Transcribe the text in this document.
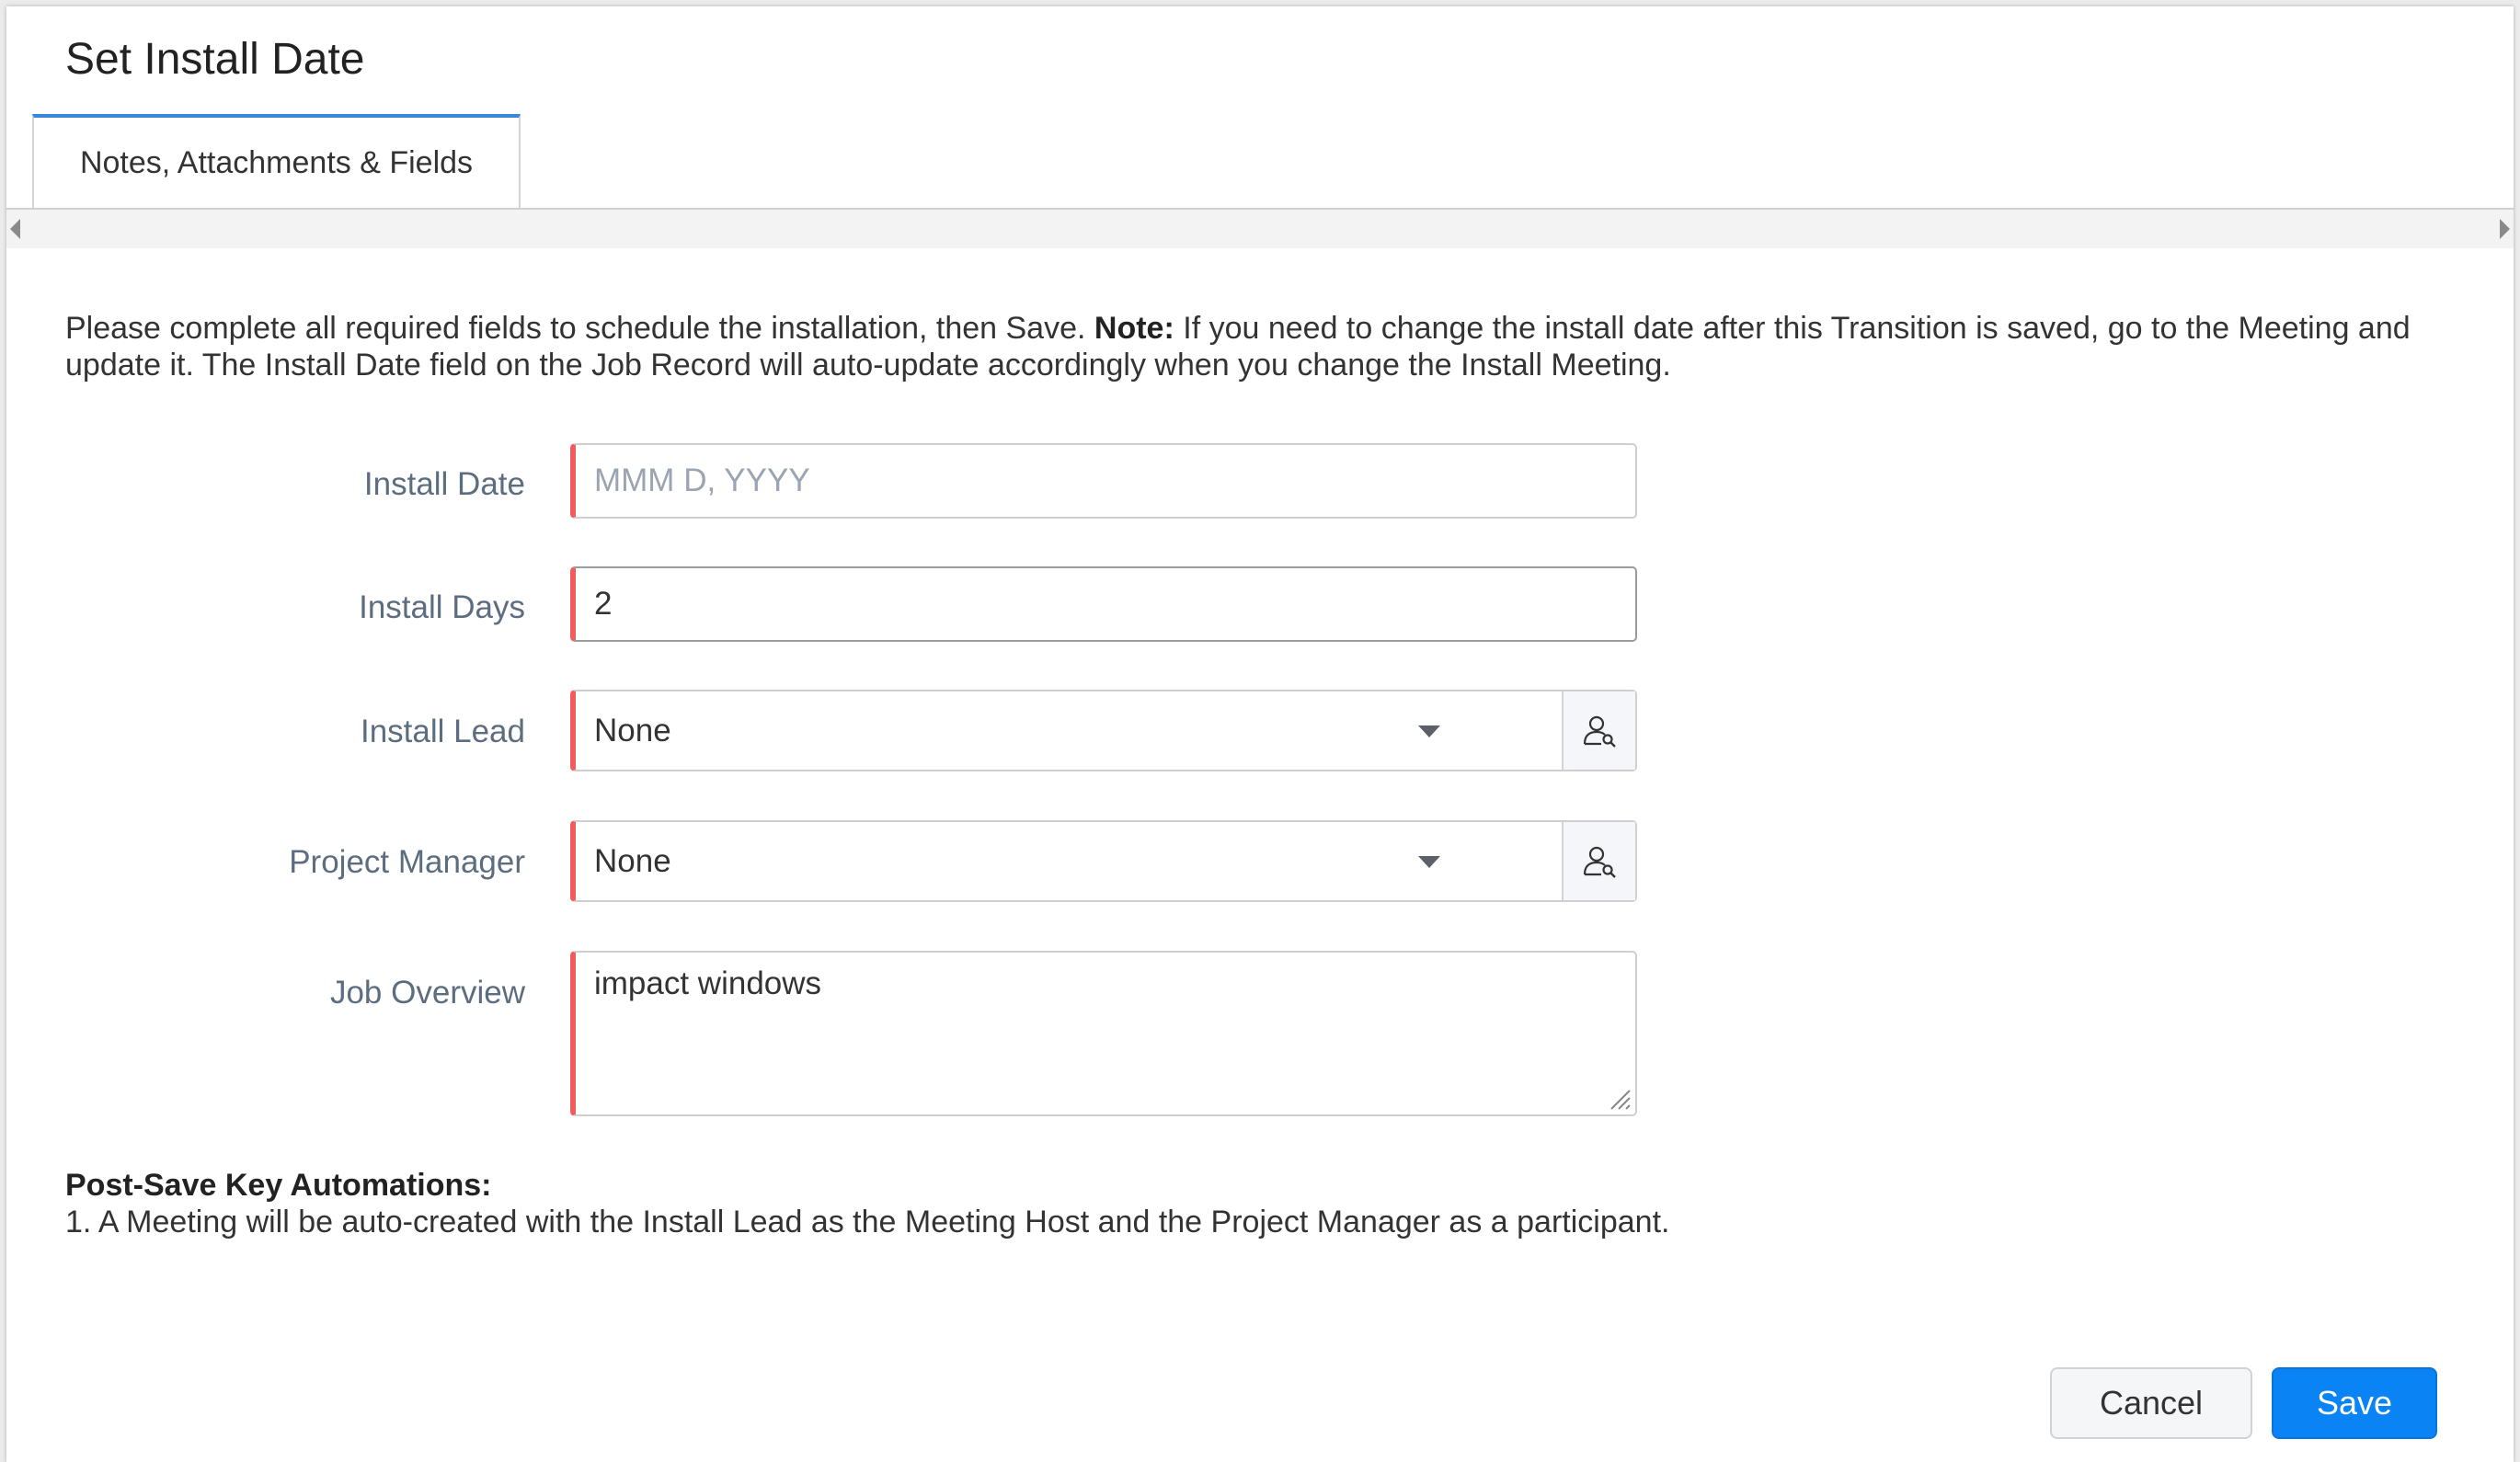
Set Install Date
Notes, Attachments & Fields
Please complete all required fields to schedule the installation, then Save. Note: If you need to change the install date after this Transition is saved, go to the Meeting and update it. The Install Date field on the Job Record will auto-update accordingly when you change the Install Meeting.
Install Date MMM D, YYYY
Install Days 2
Install Lead None
Project Manager None
Job Overview impact windows
Post-Save Key Automations:
1. A Meeting will be auto-created with the Install Lead as the Meeting Host and the Project Manager as a participant.
Cancel	Save
